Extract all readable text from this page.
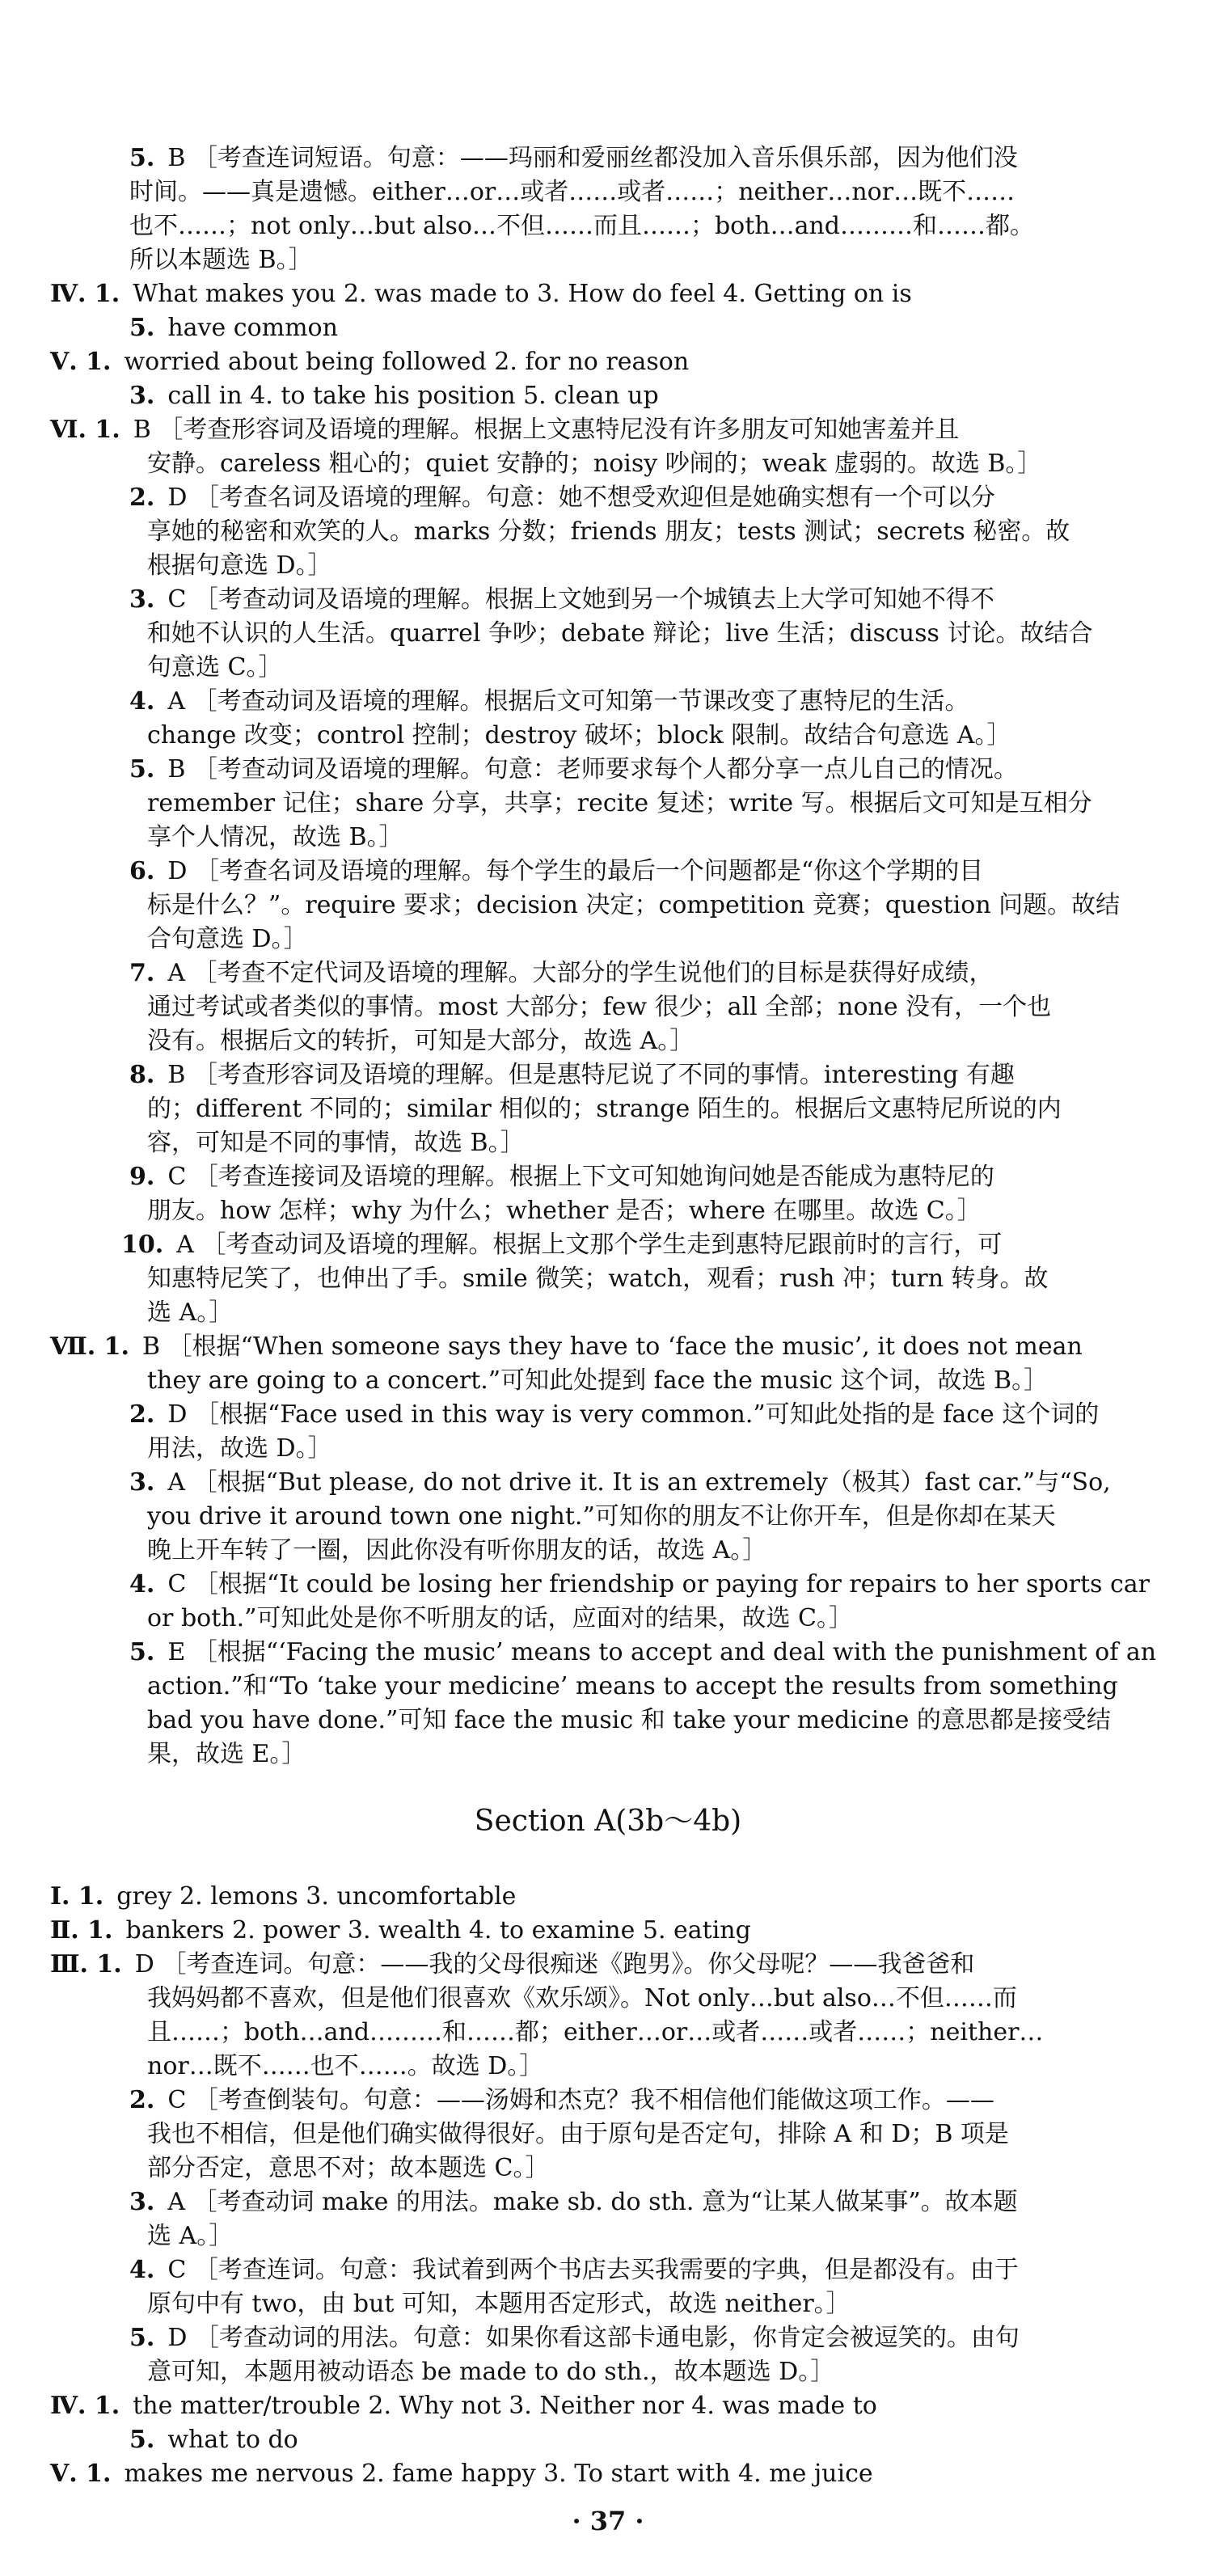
5. B ［考查连词短语。句意：——玛丽和爱丽丝都没加入音乐俱乐部，因为他们没
时间。——真是遗憾。either…or…或者……或者……；neither…nor…既不……
也不……；not only…but also…不但……而且……；both…and………和……都。
所以本题选 B。］
Ⅳ. 1. What makes you 2. was made to 3. How do feel 4. Getting on is
5. have common
Ⅴ. 1. worried about being followed 2. for no reason
3. call in 4. to take his position 5. clean up
Ⅵ. 1. B ［考查形容词及语境的理解。根据上文惠特尼没有许多朋友可知她害羞并且
安静。careless 粗心的；quiet 安静的；noisy 吵闹的；weak 虚弱的。故选 B。］
2. D ［考查名词及语境的理解。句意：她不想受欢迎但是她确实想有一个可以分
享她的秘密和欢笑的人。marks 分数；friends 朋友；tests 测试；secrets 秘密。故
根据句意选 D。］
3. C ［考查动词及语境的理解。根据上文她到另一个城镇去上大学可知她不得不
和她不认识的人生活。quarrel 争吵；debate 辩论；live 生活；discuss 讨论。故结合
句意选 C。］
4. A ［考查动词及语境的理解。根据后文可知第一节课改变了惠特尼的生活。
change 改变；control 控制；destroy 破坏；block 限制。故结合句意选 A。］
5. B ［考查动词及语境的理解。句意：老师要求每个人都分享一点儿自己的情况。
remember 记住；share 分享，共享；recite 复述；write 写。根据后文可知是互相分
享个人情况，故选 B。］
6. D ［考查名词及语境的理解。每个学生的最后一个问题都是“你这个学期的目
标是什么？”。require 要求；decision 决定；competition 竞赛；question 问题。故结
合句意选 D。］
7. A ［考查不定代词及语境的理解。大部分的学生说他们的目标是获得好成绩，
通过考试或者类似的事情。most 大部分；few 很少；all 全部；none 没有，一个也
没有。根据后文的转折，可知是大部分，故选 A。］
8. B ［考查形容词及语境的理解。但是惠特尼说了不同的事情。interesting 有趣
的；different 不同的；similar 相似的；strange 陌生的。根据后文惠特尼所说的内
容，可知是不同的事情，故选 B。］
9. C ［考查连接词及语境的理解。根据上下文可知她询问她是否能成为惠特尼的
朋友。how 怎样；why 为什么；whether 是否；where 在哪里。故选 C。］
10. A ［考查动词及语境的理解。根据上文那个学生走到惠特尼跟前时的言行，可
知惠特尼笑了，也伸出了手。smile 微笑；watch，观看；rush 冲；turn 转身。故
选 A。］
Ⅶ. 1. B ［根据“When someone says they have to ‘face the music’, it does not mean
they are going to a concert.”可知此处提到 face the music 这个词，故选 B。］
2. D ［根据“Face used in this way is very common.”可知此处指的是 face 这个词的
用法，故选 D。］
3. A ［根据“But please, do not drive it. It is an extremely（极其）fast car.”与“So,
you drive it around town one night.”可知你的朋友不让你开车，但是你却在某天
晚上开车转了一圈，因此你没有听你朋友的话，故选 A。］
4. C ［根据“It could be losing her friendship or paying for repairs to her sports car
or both.”可知此处是你不听朋友的话，应面对的结果，故选 C。］
5. E ［根据“‘Facing the music’ means to accept and deal with the punishment of an
action.”和“To ‘take your medicine’ means to accept the results from something
bad you have done.”可知 face the music 和 take your medicine 的意思都是接受结
果，故选 E。］
Ⅰ. 1. grey 2. lemons 3. uncomfortable
Ⅱ. 1. bankers 2. power 3. wealth 4. to examine 5. eating
Ⅲ. 1. D ［考查连词。句意：——我的父母很痴迷《跑男》。你父母呢？——我爸爸和
我妈妈都不喜欢，但是他们很喜欢《欢乐颂》。Not only…but also…不但……而
且……；both…and………和……都；either…or…或者……或者……；neither…
nor…既不……也不……。故选 D。］
2. C ［考查倒装句。句意：——汤姆和杰克？我不相信他们能做这项工作。——
我也不相信，但是他们确实做得很好。由于原句是否定句，排除 A 和 D；B 项是
部分否定，意思不对；故本题选 C。］
3. A ［考查动词 make 的用法。make sb. do sth. 意为“让某人做某事”。故本题
选 A。］
4. C ［考查连词。句意：我试着到两个书店去买我需要的字典，但是都没有。由于
原句中有 two，由 but 可知，本题用否定形式，故选 neither。］
5. D ［考查动词的用法。句意：如果你看这部卡通电影，你肯定会被逗笑的。由句
意可知，本题用被动语态 be made to do sth.，故本题选 D。］
Ⅳ. 1. the matter/trouble 2. Why not 3. Neither nor 4. was made to
5. what to do
Ⅴ. 1. makes me nervous 2. fame happy 3. To start with 4. me juice
Section A(3b～4b)
· 37 ·
